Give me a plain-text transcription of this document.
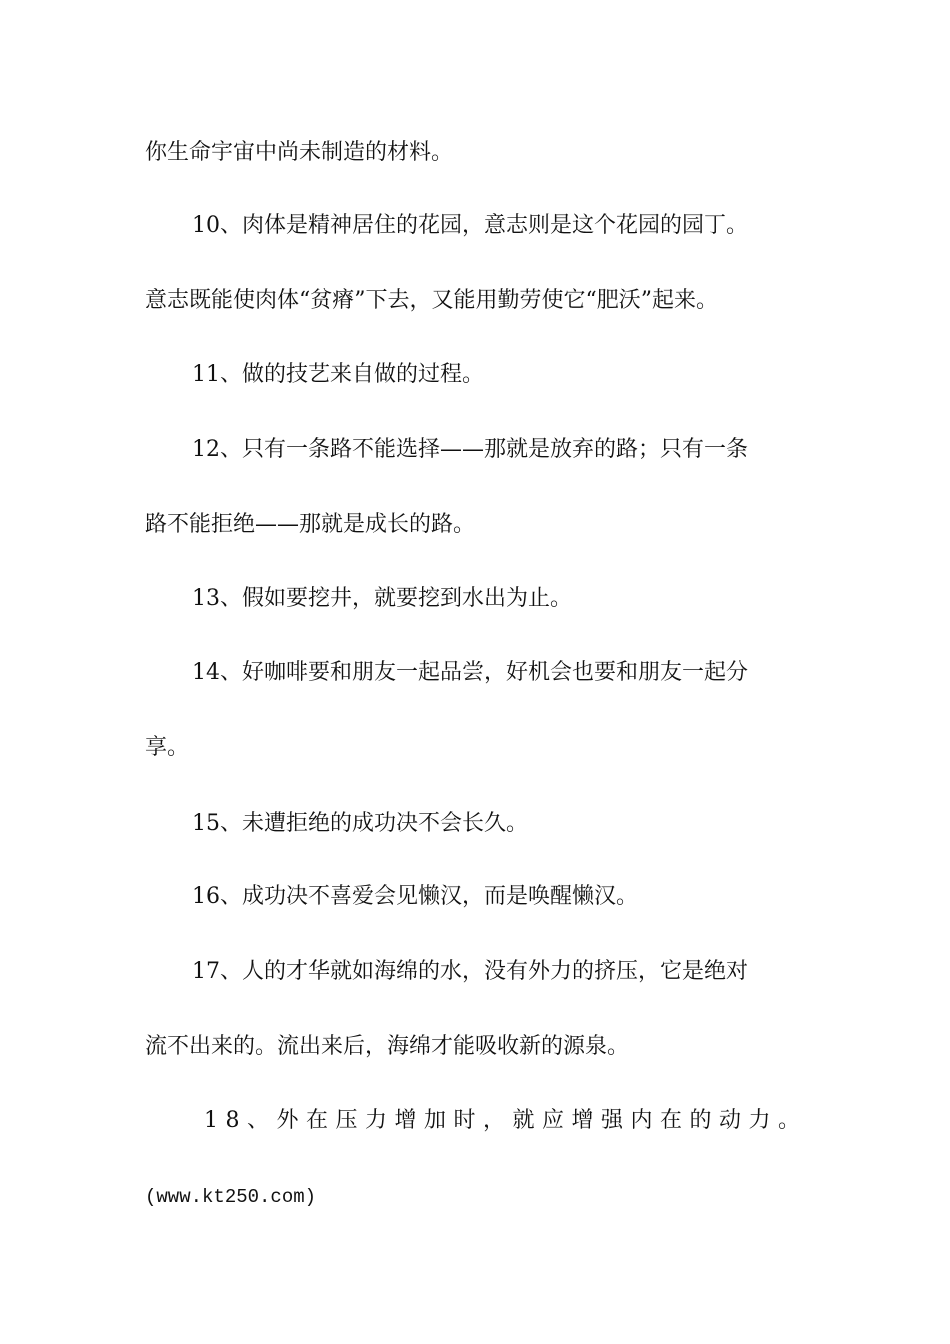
你生命宇宙中尚未制造的材料。
10、肉体是精神居住的花园，意志则是这个花园的园丁。
意志既能使肉体“贫瘠”下去，又能用勤劳使它“肥沃”起来。
11、做的技艺来自做的过程。
12、只有一条路不能选择——那就是放弃的路；只有一条
路不能拒绝——那就是成长的路。
13、假如要挖井，就要挖到水出为止。
14、好咖啡要和朋友一起品尝，好机会也要和朋友一起分
享。
15、未遭拒绝的成功决不会长久。
16、成功决不喜爱会见懒汉，而是唤醒懒汉。
17、人的才华就如海绵的水，没有外力的挤压，它是绝对
流不出来的。流出来后，海绵才能吸收新的源泉。
18、外在压力增加时，就应增强内在的动力。
(www.kt250.com)
